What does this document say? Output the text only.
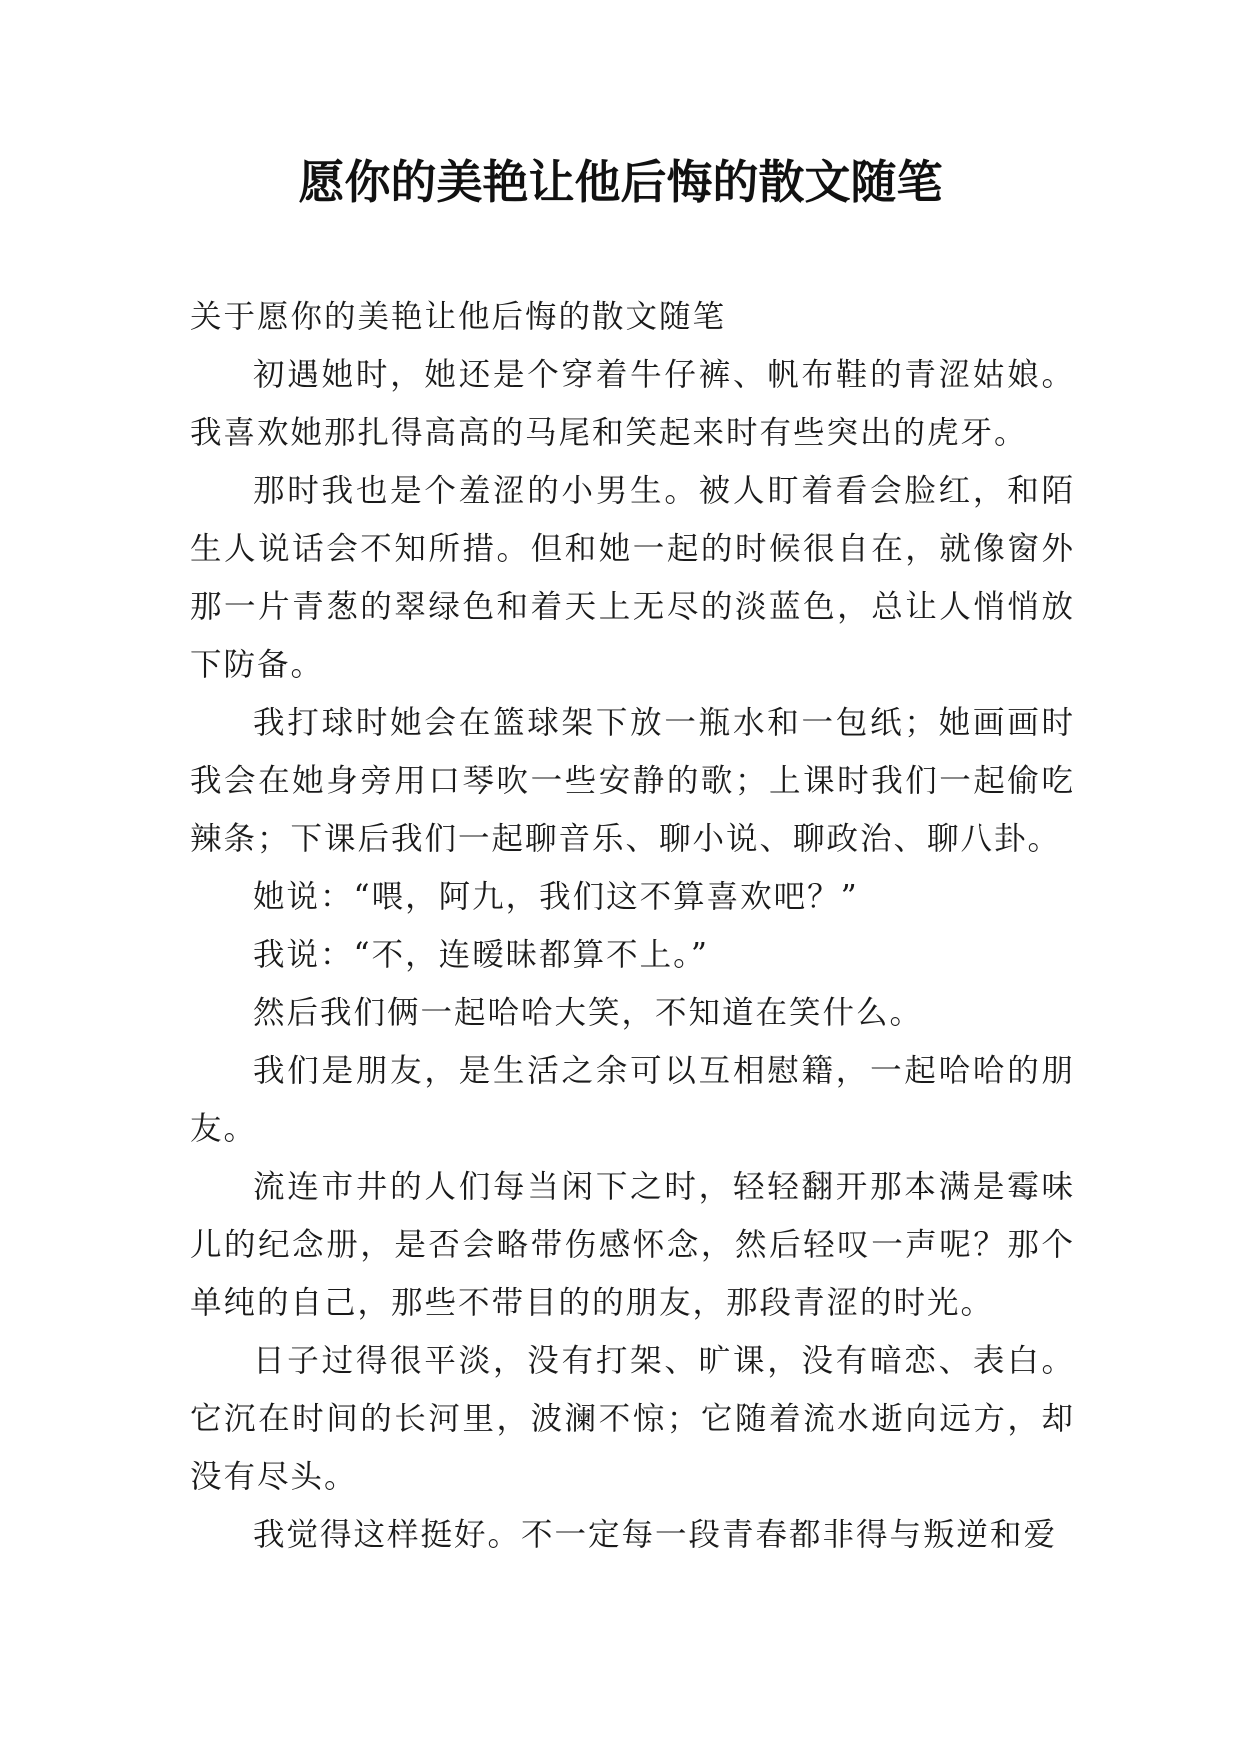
愿你的美艳让他后悔的散文随笔

关于愿你的美艳让他后悔的散文随笔

初遇她时，她还是个穿着牛仔裤、帆布鞋的青涩姑娘。我喜欢她那扎得高高的马尾和笑起来时有些突出的虎牙。

那时我也是个羞涩的小男生。被人盯着看会脸红，和陌生人说话会不知所措。但和她一起的时候很自在，就像窗外那一片青葱的翠绿色和着天上无尽的淡蓝色，总让人悄悄放下防备。

我打球时她会在篮球架下放一瓶水和一包纸；她画画时我会在她身旁用口琴吹一些安静的歌；上课时我们一起偷吃辣条；下课后我们一起聊音乐、聊小说、聊政治、聊八卦。

她说：“喂，阿九，我们这不算喜欢吧？”

我说：“不，连暧昧都算不上。”

然后我们俩一起哈哈大笑，不知道在笑什么。

我们是朋友，是生活之余可以互相慰籍，一起哈哈的朋友。

流连市井的人们每当闲下之时，轻轻翻开那本满是霉味儿的纪念册，是否会略带伤感怀念，然后轻叹一声呢？那个单纯的自己，那些不带目的的朋友，那段青涩的时光。

日子过得很平淡，没有打架、旷课，没有暗恋、表白。它沉在时间的长河里，波澜不惊；它随着流水逝向远方，却没有尽头。

我觉得这样挺好。不一定每一段青春都非得与叛逆和爱
